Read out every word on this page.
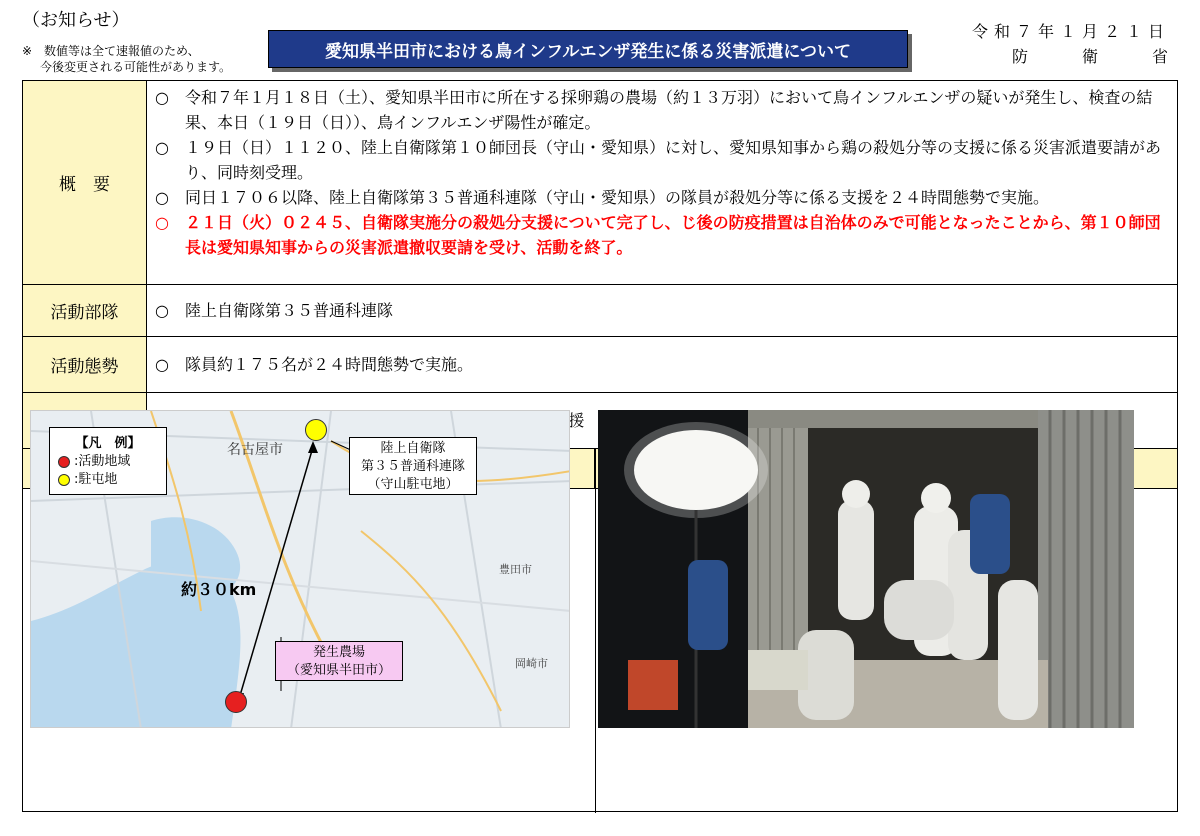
（お知らせ）
※　数値等は全て速報値のため、
今後変更される可能性があります。
愛知県半田市における鳥インフルエンザ発生に係る災害派遣について
令和７年１月２１日
防	衛	省
概　要
○	令和７年１月１８日（土）、愛知県半田市に所在する採卵鶏の農場（約１３万羽）において鳥インフルエンザの疑いが発生し、検査の結果、本日（１９日（日））、鳥インフルエンザ陽性が確定。
○	１９日（日）１１２０、陸上自衛隊第１０師団長（守山・愛知県）に対し、愛知県知事から鶏の殺処分等の支援に係る災害派遣要請があり、同時刻受理。
○	同日１７０６以降、陸上自衛隊第３５普通科連隊（守山・愛知県）の隊員が殺処分等に係る支援を２４時間態勢で実施。
○	２１日（火）０２４５、自衛隊実施分の殺処分支援について完了し、じ後の防疫措置は自治体のみで可能となったことから、第１０師団長は愛知県知事からの災害派遣撤収要請を受け、活動を終了。
活動部隊	○	陸上自衛隊第３５普通科連隊
活動態勢	○	隊員約１７５名が２４時間態勢で実施。
【凡　例】
:活動地域
:駐屯地
名古屋市
豊田市
岡崎市
約３０km
陸上自衛隊
第３５普通科連隊
（守山駐屯地）
発生農場
（愛知県半田市）
